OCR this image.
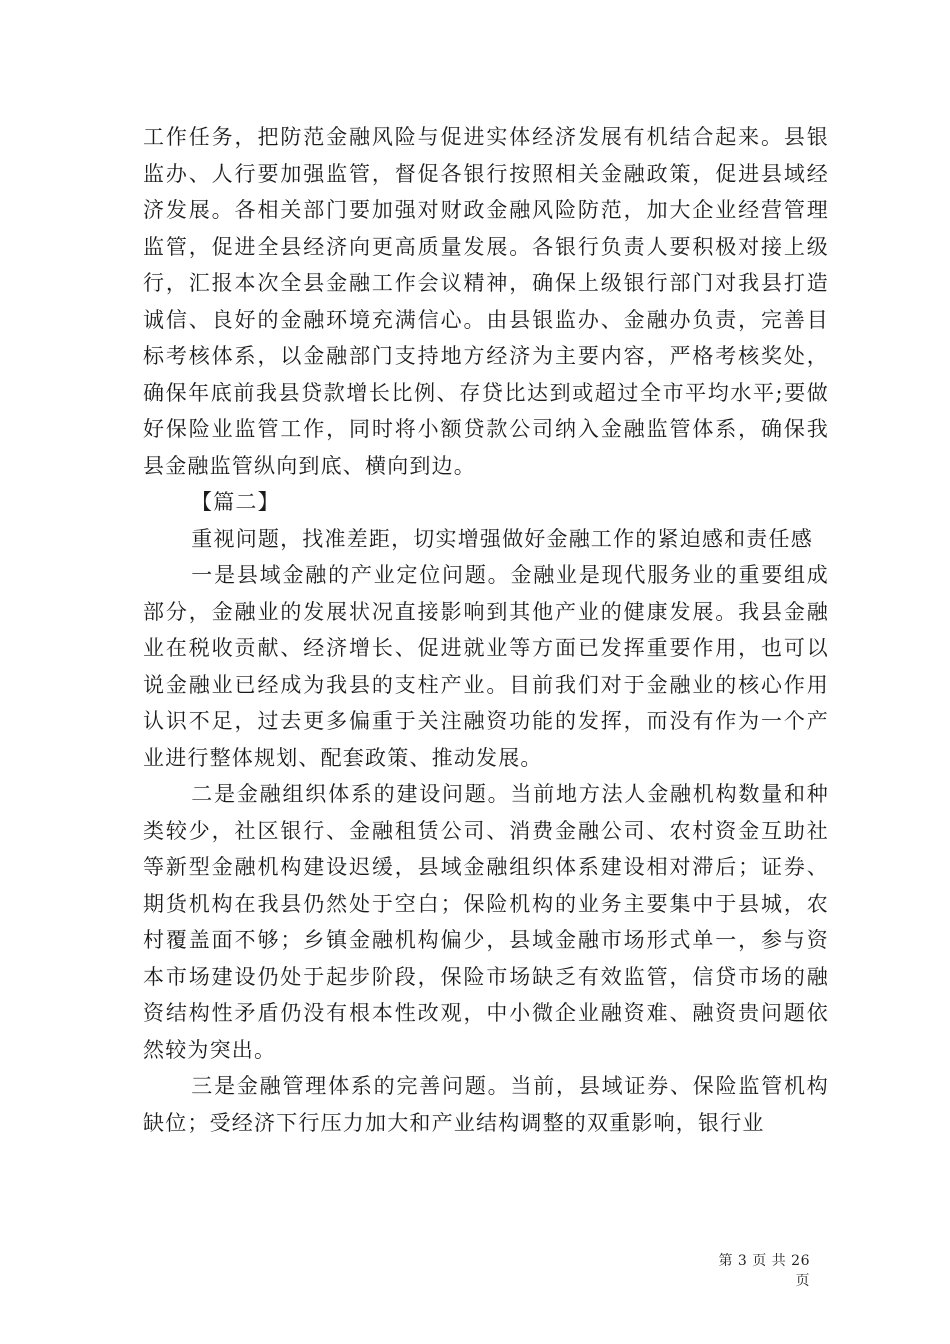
工作任务，把防范金融风险与促进实体经济发展有机结合起来。县银监办、人行要加强监管，督促各银行按照相关金融政策，促进县域经济发展。各相关部门要加强对财政金融风险防范，加大企业经营管理监管，促进全县经济向更高质量发展。各银行负责人要积极对接上级行，汇报本次全县金融工作会议精神，确保上级银行部门对我县打造诚信、良好的金融环境充满信心。由县银监办、金融办负责，完善目标考核体系，以金融部门支持地方经济为主要内容，严格考核奖处，确保年底前我县贷款增长比例、存贷比达到或超过全市平均水平;要做好保险业监管工作，同时将小额贷款公司纳入金融监管体系，确保我县金融监管纵向到底、横向到边。

【篇二】

重视问题，找准差距，切实增强做好金融工作的紧迫感和责任感

一是县域金融的产业定位问题。金融业是现代服务业的重要组成部分，金融业的发展状况直接影响到其他产业的健康发展。我县金融业在税收贡献、经济增长、促进就业等方面已发挥重要作用，也可以说金融业已经成为我县的支柱产业。目前我们对于金融业的核心作用认识不足，过去更多偏重于关注融资功能的发挥，而没有作为一个产业进行整体规划、配套政策、推动发展。

二是金融组织体系的建设问题。当前地方法人金融机构数量和种类较少，社区银行、金融租赁公司、消费金融公司、农村资金互助社等新型金融机构建设迟缓，县域金融组织体系建设相对滞后；证券、期货机构在我县仍然处于空白；保险机构的业务主要集中于县城，农村覆盖面不够；乡镇金融机构偏少，县域金融市场形式单一，参与资本市场建设仍处于起步阶段，保险市场缺乏有效监管，信贷市场的融资结构性矛盾仍没有根本性改观，中小微企业融资难、融资贵问题依然较为突出。

三是金融管理体系的完善问题。当前，县域证券、保险监管机构缺位；受经济下行压力加大和产业结构调整的双重影响，银行业

第 3 页 共 26 页
